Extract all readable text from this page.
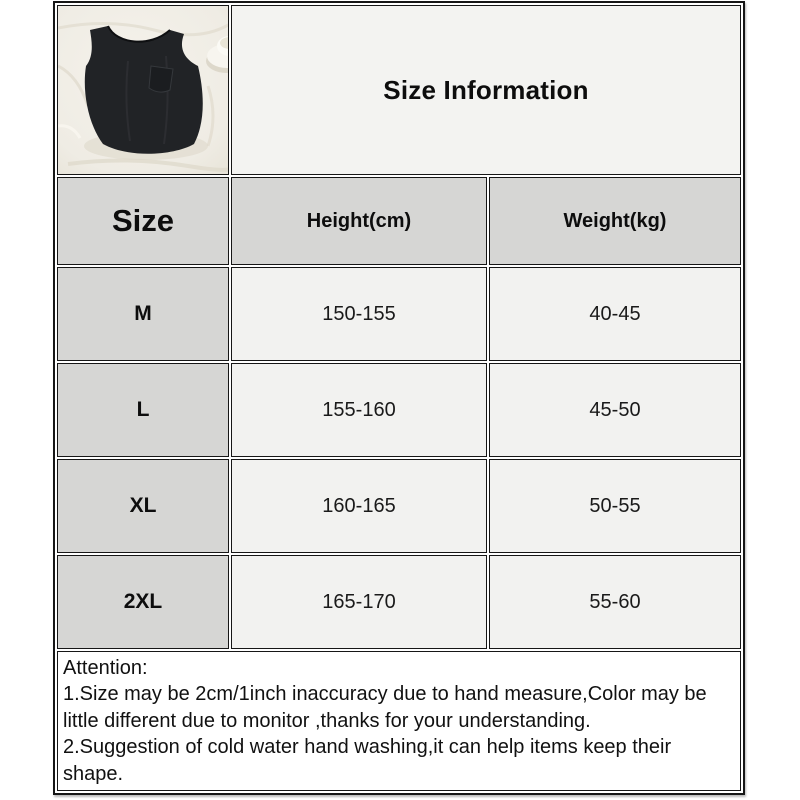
	Size Information	
Size	Height(cm)	Weight(kg)
M	150-155	40-45
L	155-160	45-50
XL	160-165	50-55
2XL	165-170	55-60

Attention:

1.Size may be 2cm/1inch inaccuracy due to hand measure,Color may be little different due to monitor ,thanks for your understanding.

2.Suggestion of cold water hand washing,it can help items keep their shape.		
